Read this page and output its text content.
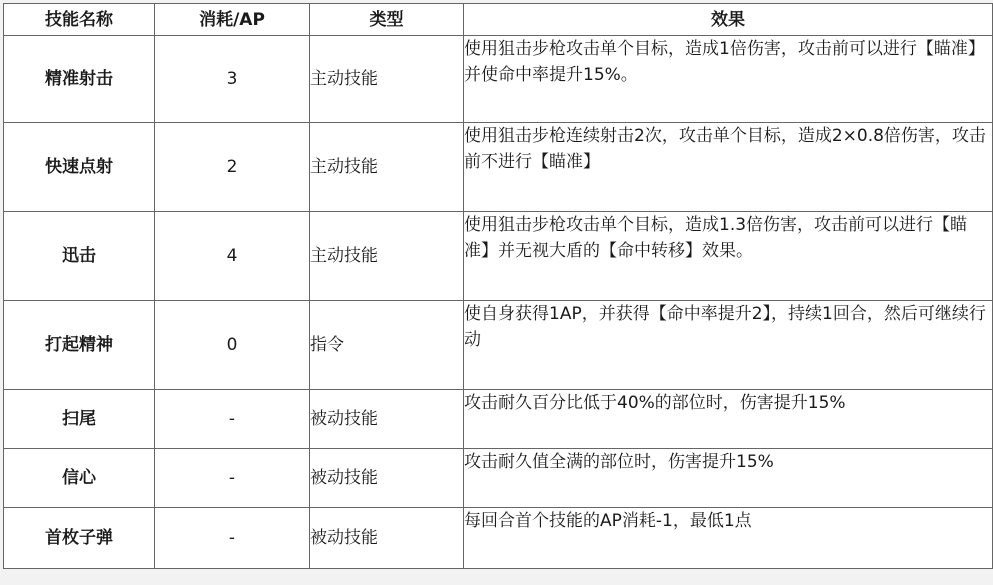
技能名称	消耗/AP	类型	效果
精准射击	3	主动技能	使用狙击步枪攻击单个目标，造成1倍伤害，攻击前可以进行【瞄准】并使命中率提升15%。
快速点射	2	主动技能	使用狙击步枪连续射击2次，攻击单个目标，造成2×0.8倍伤害，攻击前不进行【瞄准】
迅击	4	主动技能	使用狙击步枪攻击单个目标，造成1.3倍伤害，攻击前可以进行【瞄准】并无视大盾的【命中转移】效果。
打起精神	0	指令	使自身获得1AP，并获得【命中率提升2】，持续1回合，然后可继续行动
扫尾	-	被动技能	攻击耐久百分比低于40%的部位时，伤害提升15%
信心	-	被动技能	攻击耐久值全满的部位时，伤害提升15%
首枚子弹	-	被动技能	每回合首个技能的AP消耗-1，最低1点
